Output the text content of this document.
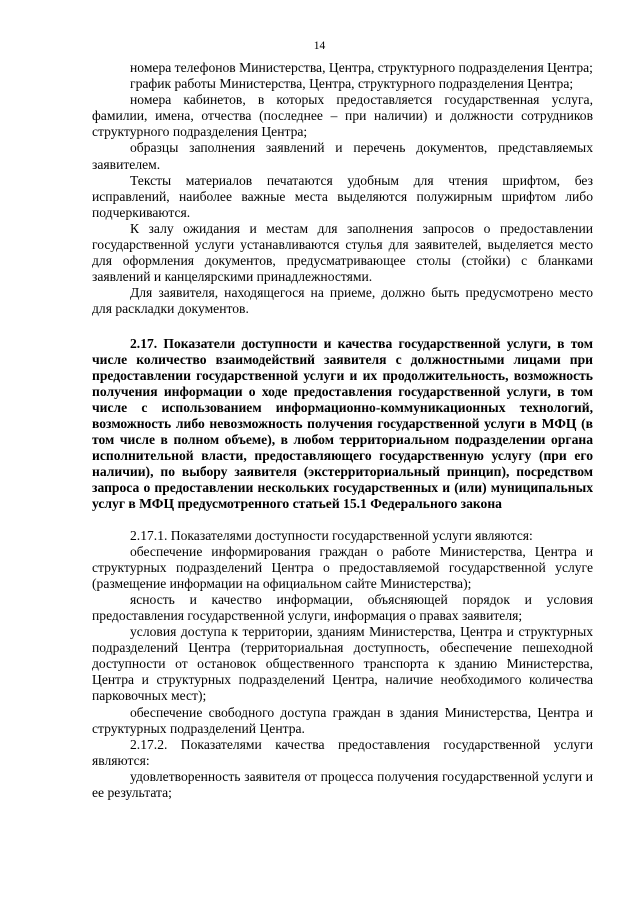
14

номера телефонов Министерства, Центра, структурного подразделения Центра;

график работы Министерства, Центра, структурного подразделения Центра;

номера кабинетов, в которых предоставляется государственная услуга, фамилии, имена, отчества (последнее – при наличии) и должности сотрудников структурного подразделения Центра;

образцы заполнения заявлений и перечень документов, представляемых заявителем.

Тексты материалов печатаются удобным для чтения шрифтом, без исправлений, наиболее важные места выделяются полужирным шрифтом либо подчеркиваются.

К залу ожидания и местам для заполнения запросов о предоставлении государственной услуги устанавливаются стулья для заявителей, выделяется место для оформления документов, предусматривающее столы (стойки) с бланками заявлений и канцелярскими принадлежностями.

Для заявителя, находящегося на приеме, должно быть предусмотрено место для раскладки документов.

2.17. Показатели доступности и качества государственной услуги, в том числе количество взаимодействий заявителя с должностными лицами при предоставлении государственной услуги и их продолжительность, возможность получения информации о ходе предоставления государственной услуги, в том числе с использованием информационно-коммуникационных технологий, возможность либо невозможность получения государственной услуги в МФЦ (в том числе в полном объеме), в любом территориальном подразделении органа исполнительной власти, предоставляющего государственную услугу (при его наличии), по выбору заявителя (экстерриториальный принцип), посредством запроса о предоставлении нескольких государственных и (или) муниципальных услуг в МФЦ предусмотренного статьей 15.1 Федерального закона

2.17.1. Показателями доступности государственной услуги являются:

обеспечение информирования граждан о работе Министерства, Центра и структурных подразделений Центра о предоставляемой государственной услуге (размещение информации на официальном сайте Министерства);

ясность и качество информации, объясняющей порядок и условия предоставления государственной услуги, информация о правах заявителя;

условия доступа к территории, зданиям Министерства, Центра и структурных подразделений Центра (территориальная доступность, обеспечение пешеходной доступности от остановок общественного транспорта к зданию Министерства, Центра и структурных подразделений Центра, наличие необходимого количества парковочных мест);

обеспечение свободного доступа граждан в здания Министерства, Центра и структурных подразделений Центра.

2.17.2. Показателями качества предоставления государственной услуги являются:

удовлетворенность заявителя от процесса получения государственной услуги и ее результата;
